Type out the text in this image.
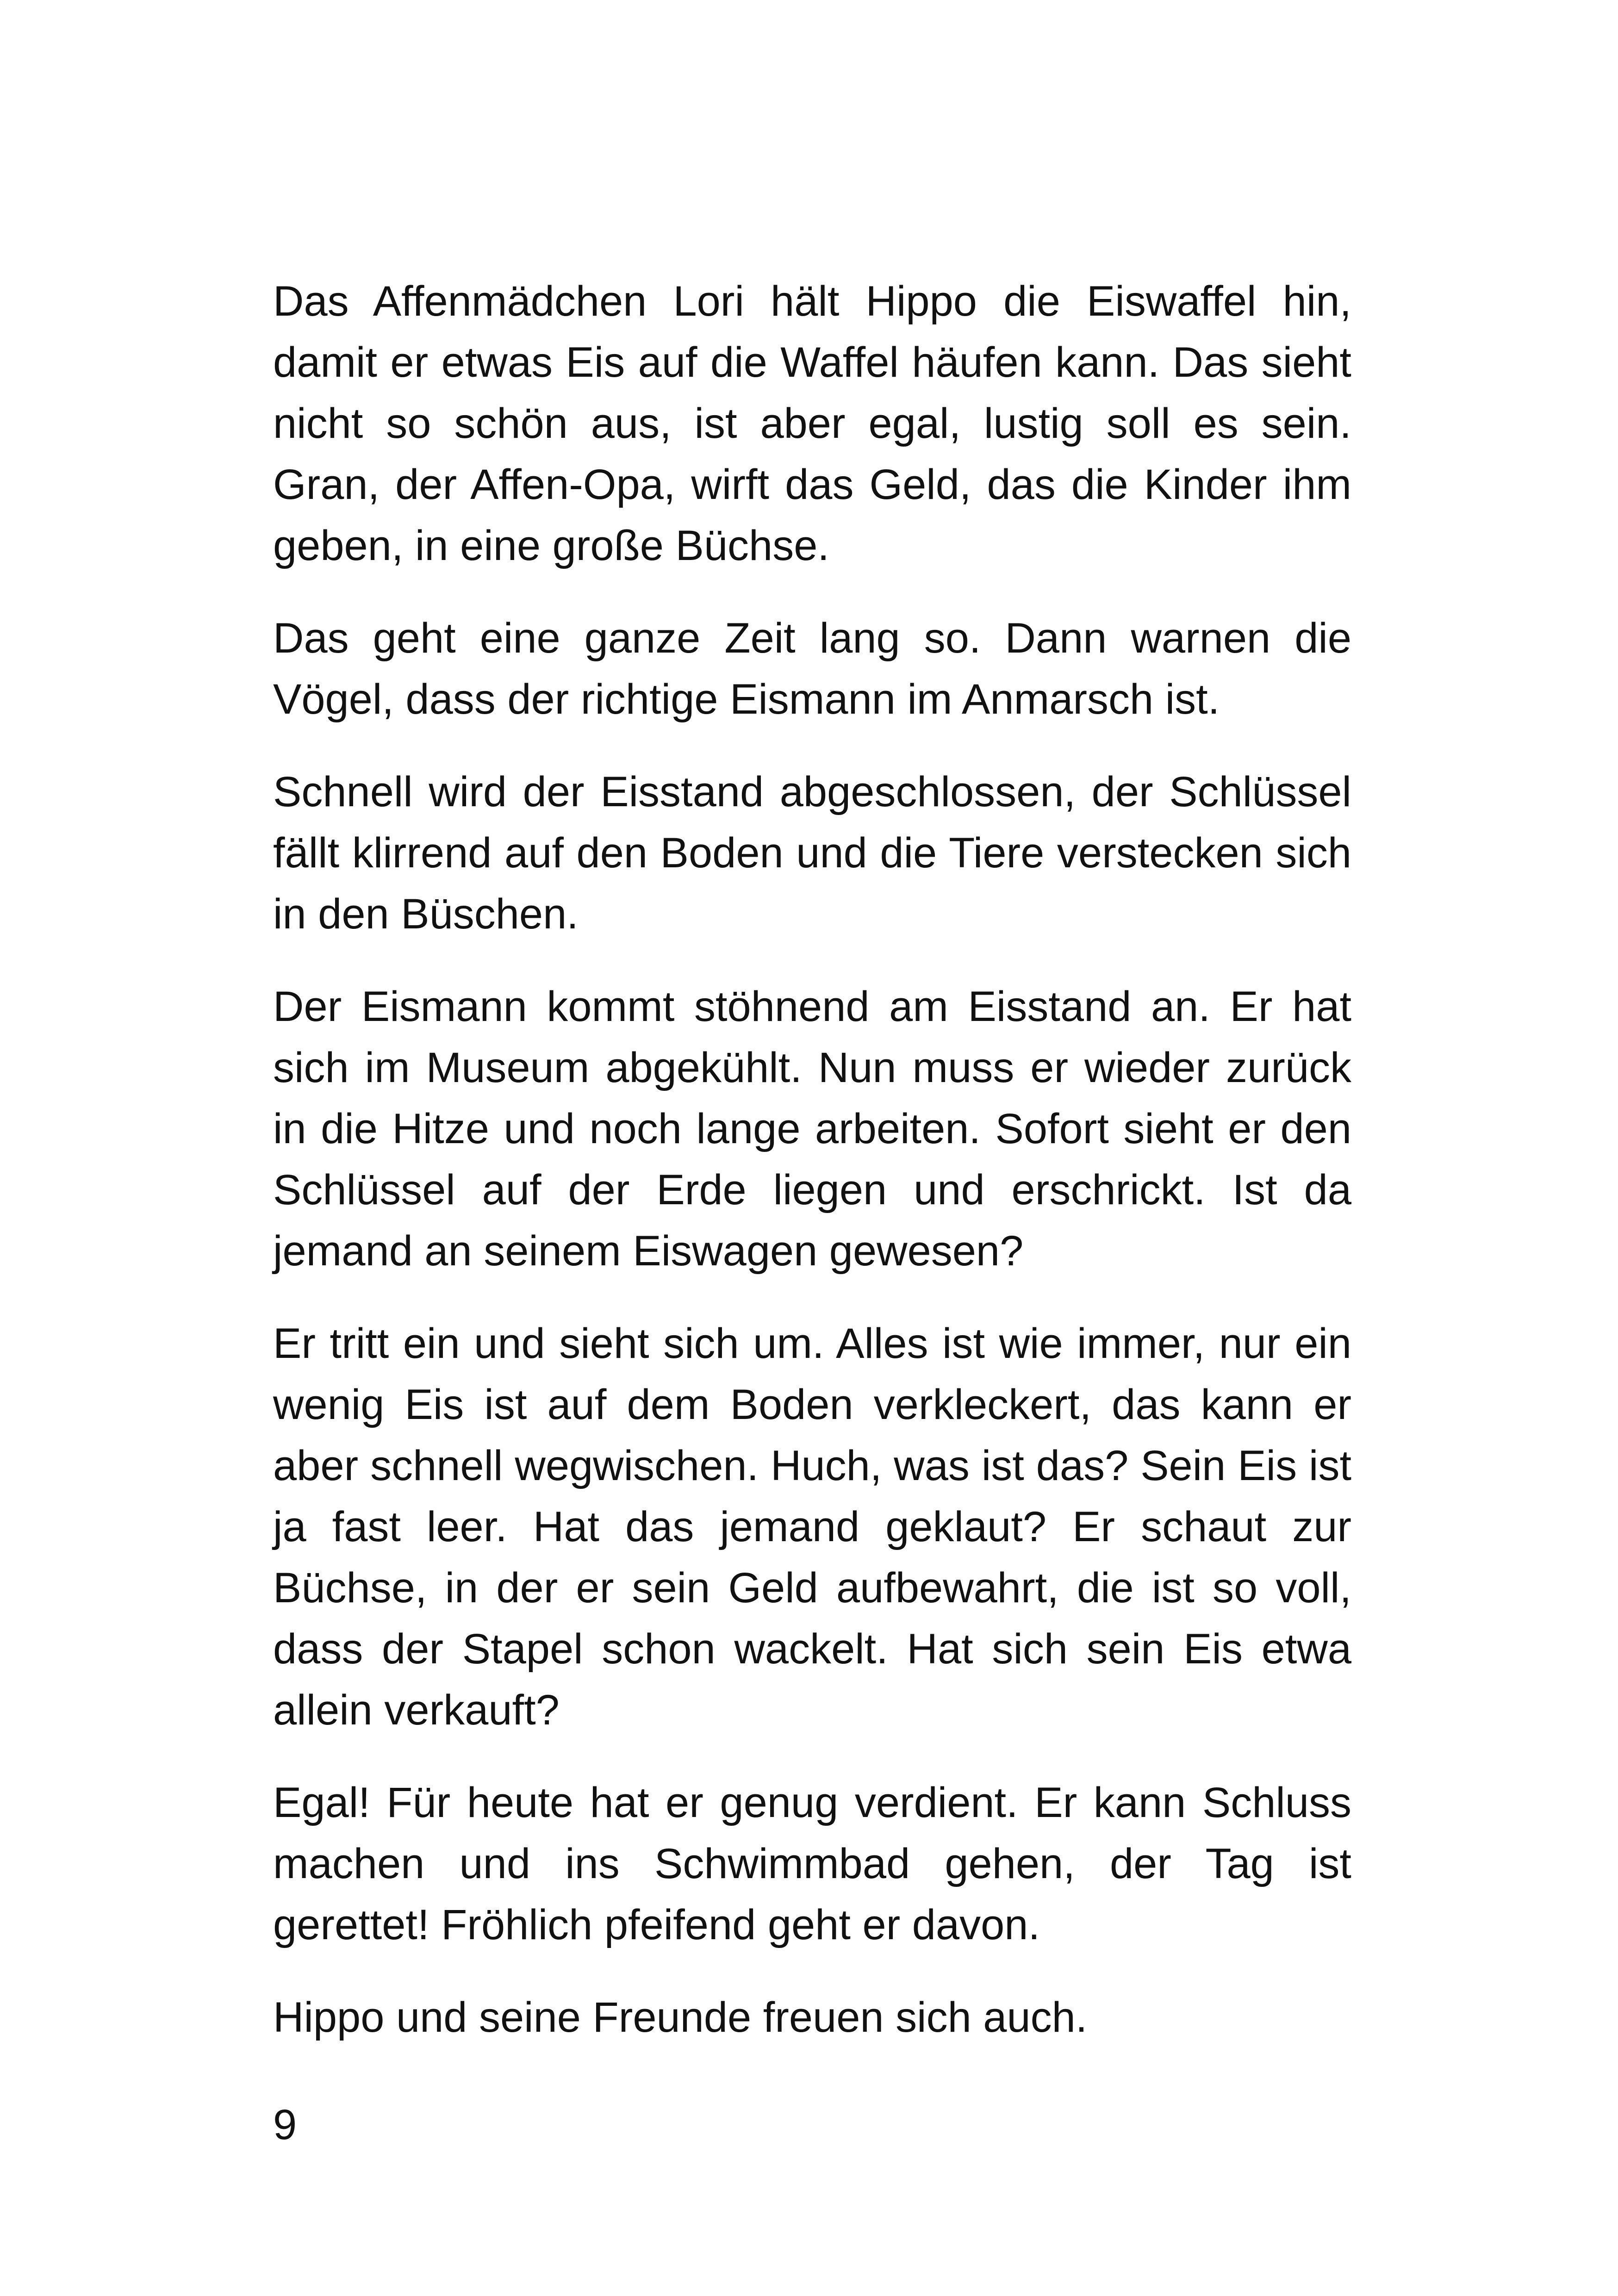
Das Affenmädchen Lori hält Hippo die Eiswaffel hin, damit er etwas Eis auf die Waffel häufen kann. Das sieht nicht so schön aus, ist aber egal, lustig soll es sein. Gran, der Affen-Opa, wirft das Geld, das die Kinder ihm geben, in eine große Büchse.

Das geht eine ganze Zeit lang so. Dann warnen die Vögel, dass der richtige Eismann im Anmarsch ist.

Schnell wird der Eisstand abgeschlossen, der Schlüssel fällt klirrend auf den Boden und die Tiere verstecken sich in den Büschen.

Der Eismann kommt stöhnend am Eisstand an. Er hat sich im Museum abgekühlt. Nun muss er wieder zurück in die Hitze und noch lange arbeiten. Sofort sieht er den Schlüssel auf der Erde liegen und erschrickt. Ist da jemand an seinem Eiswagen gewesen?

Er tritt ein und sieht sich um. Alles ist wie immer, nur ein wenig Eis ist auf dem Boden verkleckert, das kann er aber schnell wegwischen. Huch, was ist das? Sein Eis ist ja fast leer. Hat das jemand geklaut? Er schaut zur Büchse, in der er sein Geld aufbewahrt, die ist so voll, dass der Stapel schon wackelt. Hat sich sein Eis etwa allein verkauft?

Egal! Für heute hat er genug verdient. Er kann Schluss machen und ins Schwimmbad gehen, der Tag ist gerettet! Fröhlich pfeifend geht er davon.

Hippo und seine Freunde freuen sich auch.

9
